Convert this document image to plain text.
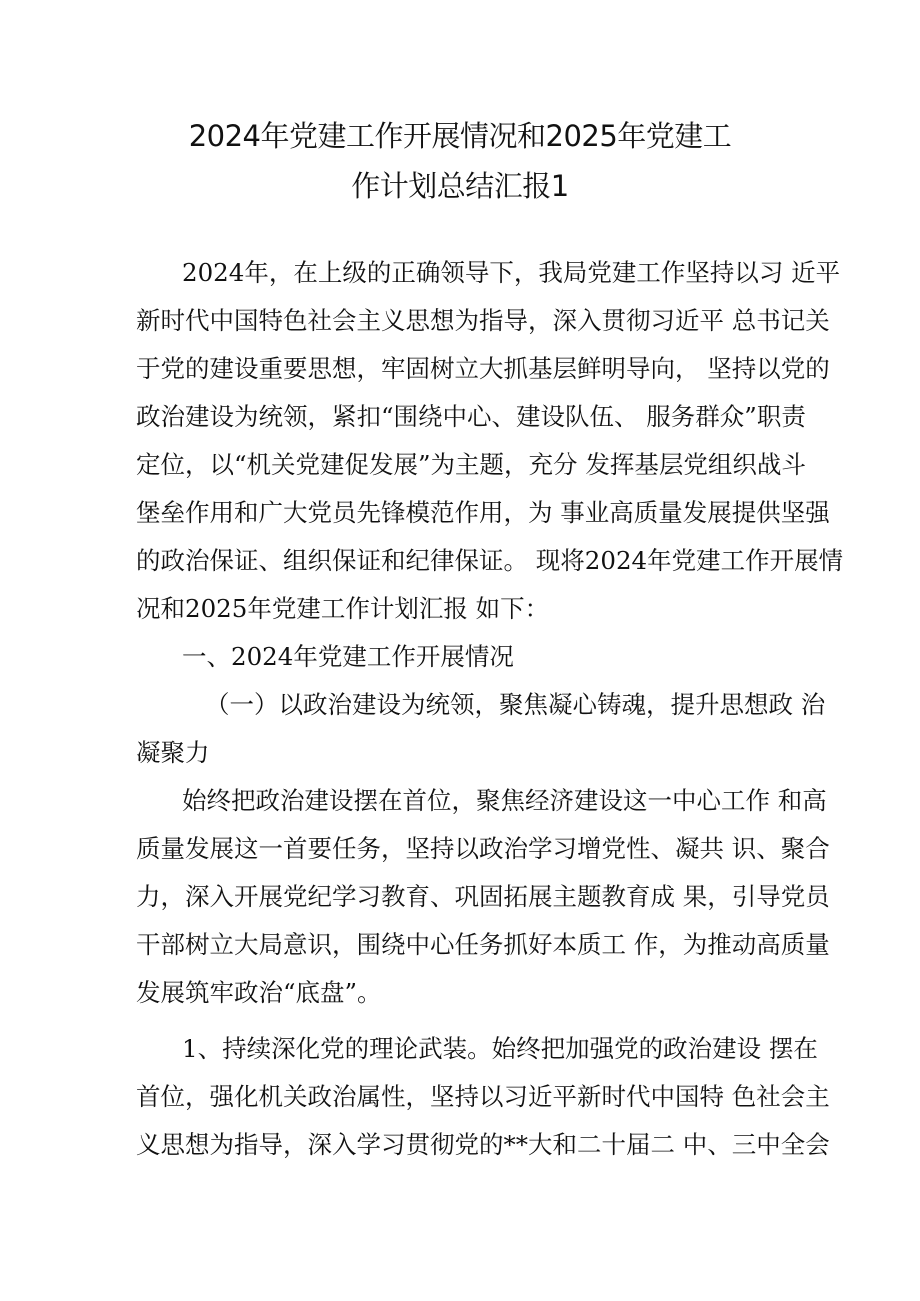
2024年党建工作开展情况和2025年党建工
作计划总结汇报1
2024年，在上级的正确领导下，我局党建工作坚持以习 近平
新时代中国特色社会主义思想为指导，深入贯彻习近平 总书记关
于党的建设重要思想，牢固树立大抓基层鲜明导向， 坚持以党的
政治建设为统领，紧扣“围绕中心、建设队伍、 服务群众”职责
定位，以“机关党建促发展”为主题，充分 发挥基层党组织战斗
堡垒作用和广大党员先锋模范作用，为 事业高质量发展提供坚强
的政治保证、组织保证和纪律保证。 现将2024年党建工作开展情
况和2025年党建工作计划汇报 如下：
一、2024年党建工作开展情况
（一）以政治建设为统领，聚焦凝心铸魂，提升思想政 治
凝聚力
始终把政治建设摆在首位，聚焦经济建设这一中心工作 和高
质量发展这一首要任务，坚持以政治学习增党性、凝共 识、聚合
力，深入开展党纪学习教育、巩固拓展主题教育成 果，引导党员
干部树立大局意识，围绕中心任务抓好本质工 作，为推动高质量
发展筑牢政治“底盘”。
1、持续深化党的理论武装。始终把加强党的政治建设 摆在
首位，强化机关政治属性，坚持以习近平新时代中国特 色社会主
义思想为指导，深入学习贯彻党的**大和二十届二 中、三中全会
